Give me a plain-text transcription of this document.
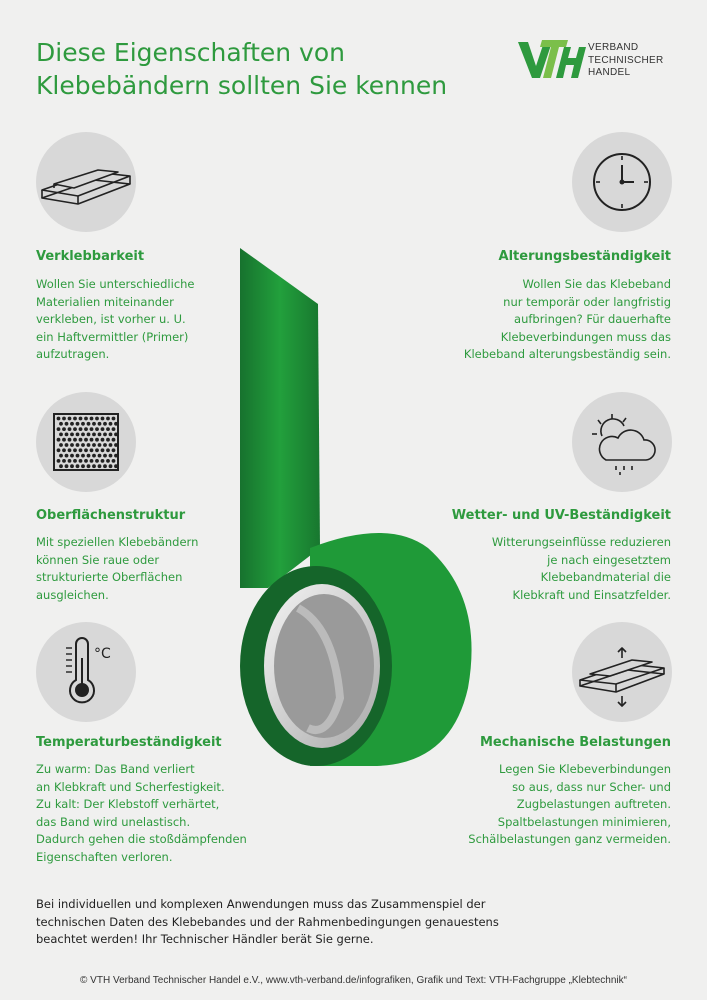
Diese Eigenschaften von
Klebebändern sollten Sie kennen
VERBAND
TECHNISCHER
HANDEL
°C
Verklebbarkeit

Wollen Sie unterschiedliche
Materialien miteinander
verkleben, ist vorher u. U.
ein Haftvermittler (Primer)
aufzutragen.

Alterungsbeständigkeit

Wollen Sie das Klebeband
nur temporär oder langfristig
aufbringen? Für dauerhafte
Klebeverbindungen muss das
Klebeband alterungsbeständig sein.

Oberflächenstruktur

Mit speziellen Klebebändern
können Sie raue oder
strukturierte Oberflächen
ausgleichen.

Wetter- und UV-Beständigkeit

Witterungseinflüsse reduzieren
je nach eingesetztem
Klebebandmaterial die
Klebkraft und Einsatzfelder.

Temperaturbeständigkeit

Zu warm: Das Band verliert
an Klebkraft und Scherfestigkeit.
Zu kalt: Der Klebstoff verhärtet,
das Band wird unelastisch.
Dadurch gehen die stoßdämpfenden
Eigenschaften verloren.

Mechanische Belastungen

Legen Sie Klebeverbindungen
so aus, dass nur Scher- und
Zugbelastungen auftreten.
Spaltbelastungen minimieren,
Schälbelastungen ganz vermeiden.

Bei individuellen und komplexen Anwendungen muss das Zusammenspiel der
technischen Daten des Klebebandes und der Rahmenbedingungen genauestens
beachtet werden! Ihr Technischer Händler berät Sie gerne.

© VTH Verband Technischer Handel e.V., www.vth-verband.de/infografiken, Grafik und Text: VTH-Fachgruppe „Klebtechnik“
